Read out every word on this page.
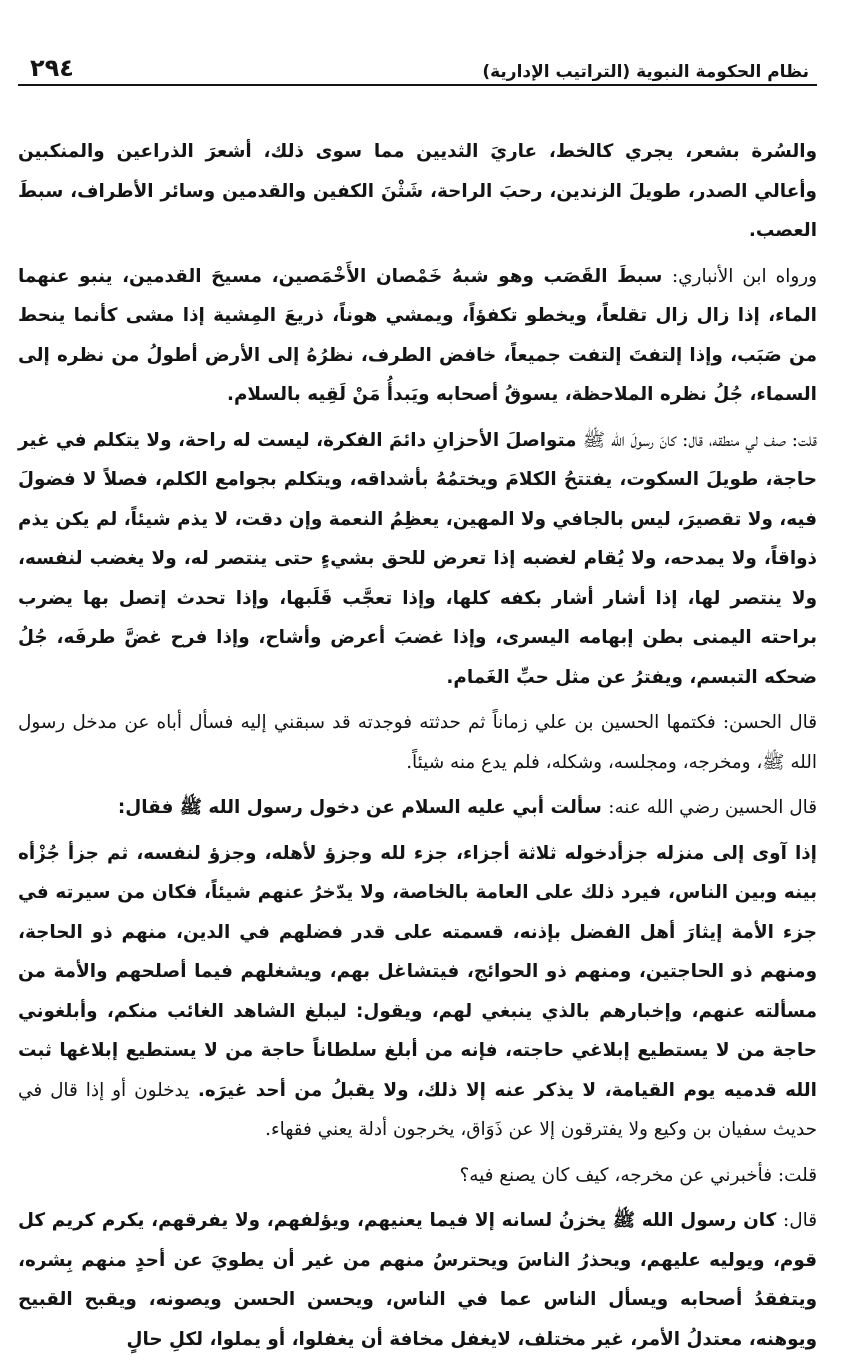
نظام الحكومة النبوية (التراتيب الإدارية)
٢٩٤

والسُرة بشعر، يجري كالخط، عاريَ الثديين مما سوى ذلك، أشعرَ الذراعين والمنكبين وأعالي الصدر، طويلَ الزندين، رحبَ الراحة، شَثْنَ الكفين والقدمين وسائر الأطراف، سبطَ العصب.

ورواه ابن الأنباري: سبطَ القَصَب وهو شبهُ خَمْصان الأَخْمَصين، مسيحَ القدمين، ينبو عنهما الماء، إذا زال زال تقلعاً، ويخطو تكفؤاً، ويمشي هوناً، ذريعَ المِشية إذا مشى كأنما ينحط من صَبَب، وإذا إلتفتَ إلتفت جميعاً، خافض الطرف، نظرُهُ إلى الأرض أطولُ من نظره إلى السماء، جُلُ نظره الملاحظة، يسوقُ أصحابه ويَبدأُ مَنْ لَقِيه بالسلام.

قلت: صف لي منطقه، قال: كانَ رسولَ الله ﷺ متواصلَ الأحزانِ دائمَ الفكرة، ليست له راحة، ولا يتكلم في غير حاجة، طويلَ السكوت، يفتتحُ الكلامَ ويختمُهُ بأشداقه، ويتكلم بجوامع الكلم، فصلاً لا فضولَ فيه، ولا تقصيرَ، ليس بالجافي ولا المهين، يعظِمُ النعمة وإن دقت، لا يذم شيئاً، لم يكن يذم ذواقاً، ولا يمدحه، ولا يُقام لغضبه إذا تعرض للحق بشيءٍ حتى ينتصر له، ولا يغضب لنفسه، ولا ينتصر لها، إذا أشار أشار بكفه كلها، وإذا تعجَّب قَلَبها، وإذا تحدث إتصل بها يضرب براحته اليمنى بطن إبهامه اليسرى، وإذا غضبَ أعرض وأشاح، وإذا فرح غضَّ طرفَه، جُلُ ضحكه التبسم، ويفترُ عن مثل حبِّ الغَمام.

قال الحسن: فكتمها الحسين بن علي زماناً ثم حدثته فوجدته قد سبقني إليه فسأل أباه عن مدخل رسول الله ﷺ، ومخرجه، ومجلسه، وشكله، فلم يدع منه شيئاً.

قال الحسين رضي الله عنه: سألت أبي عليه السلام عن دخول رسول الله ﷺ فقال:

إذا آوى إلى منزله جزأدخوله ثلاثة أجزاء، جزء لله وجزؤ لأهله، وجزؤ لنفسه، ثم جزأ جُزْأه بينه وبين الناس، فيرد ذلك على العامة بالخاصة، ولا يدّخرُ عنهم شيئاً، فكان من سيرته في جزء الأمة إيثارَ أهل الفضل بإذنه، قسمته على قدر فضلهم في الدين، منهم ذو الحاجة، ومنهم ذو الحاجتين، ومنهم ذو الحوائج، فيتشاغل بهم، ويشغلهم فيما أصلحهم والأمة من مسألته عنهم، وإخبارهم بالذي ينبغي لهم، ويقول: ليبلغ الشاهد الغائب منكم، وأبلغوني حاجة من لا يستطيع إبلاغي حاجته، فإنه من أبلغ سلطاناً حاجة من لا يستطيع إبلاغها ثبت الله قدميه يوم القيامة، لا يذكر عنه إلا ذلك، ولا يقبلُ من أحد غيرَه. يدخلون أو إذا قال في حديث سفيان بن وكيع ولا يفترقون إلا عن ذَوَاق، يخرجون أدلة يعني فقهاء.

قلت: فأخبرني عن مخرجه، كيف كان يصنع فيه؟

قال: كان رسول الله ﷺ يخزنُ لسانه إلا فيما يعنيهم، ويؤلفهم، ولا يفرقهم، يكرم كريم كل قوم، ويوليه عليهم، ويحذرُ الناسَ ويحترسُ منهم من غير أن يطويَ عن أحدٍ منهم بِشره، ويتفقدُ أصحابه ويسأل الناس عما في الناس، ويحسن الحسن ويصونه، ويقبح القبيح ويوهنه، معتدلُ الأمر، غير مختلف، لايغفل مخافة أن يغفلوا، أو يملوا، لكلِ حالٍ
